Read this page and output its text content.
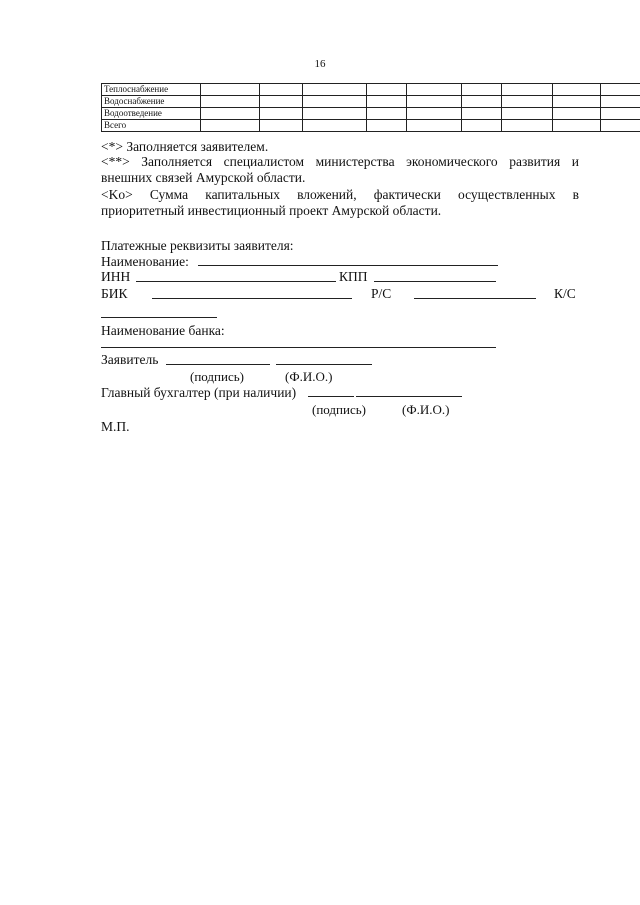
16
Теплоснабжение									
Водоснабжение									
Водоотведение									
Всего									
<*> Заполняется заявителем.
<**> Заполняется специалистом министерства экономического развития и
внешних связей Амурской области.
<Ko> Сумма капитальных вложений, фактически осуществленных в
приоритетный инвестиционный проект Амурской области.
Платежные реквизиты заявителя:
Наименование:
ИНН	КПП
БИК	Р/С	К/С
Наименование банка:
Заявитель
(подпись)	(Ф.И.О.)
Главный бухгалтер (при наличии)
(подпись)	(Ф.И.О.)
М.П.
